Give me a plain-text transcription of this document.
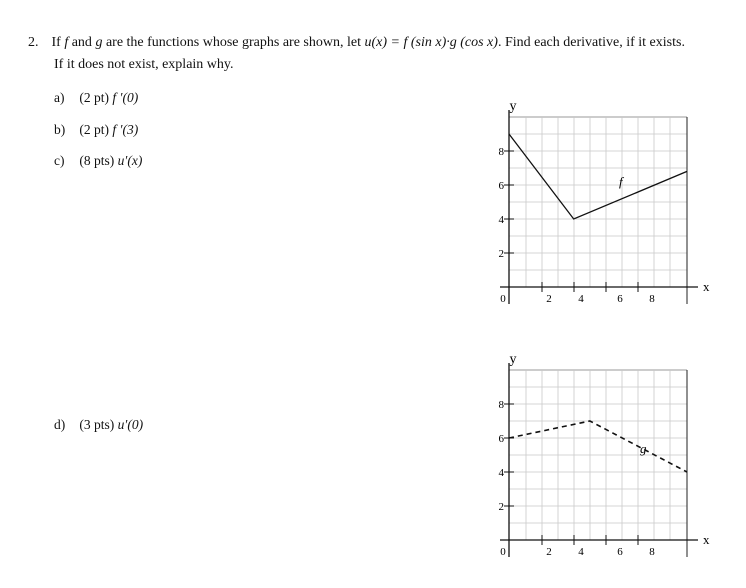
2. If f and g are the functions whose graphs are shown, let u(x) = f (sin x)·g (cos x). Find each derivative, if it exists.
If it does not exist, explain why.
a) (2 pt) f ′(0)
b) (2 pt) f ′(3)
c) (8 pts) u′(x)
d) (3 pts) u′(0)
y
x
8
6
4
2
0	2 4	6 8
f
y
x
8
6
4
2
0	2 4	6 8
g
